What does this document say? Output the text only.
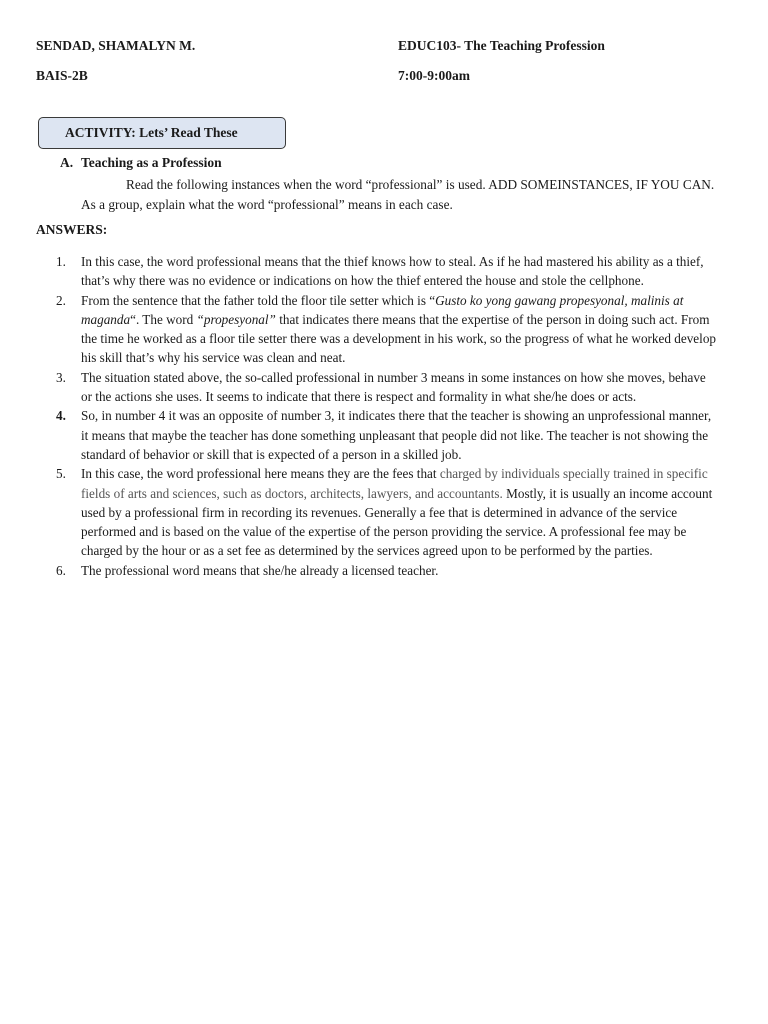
SENDAD, SHAMALYN M.	EDUC103- The Teaching Profession
BAIS-2B	7:00-9:00am
ACTIVITY: Lets’ Read These
A. Teaching as a Profession
Read the following instances when the word “professional” is used. ADD SOMEINSTANCES, IF YOU CAN. As a group, explain what the word “professional” means in each case.
ANSWERS:
1. In this case, the word professional means that the thief knows how to steal. As if he had mastered his ability as a thief, that’s why there was no evidence or indications on how the thief entered the house and stole the cellphone.
2. From the sentence that the father told the floor tile setter which is “Gusto ko yong gawang propesyonal, malinis at maganda“. The word “propesyonal” that indicates there means that the expertise of the person in doing such act. From the time he worked as a floor tile setter there was a development in his work, so the progress of what he worked develop his skill that’s why his service was clean and neat.
3. The situation stated above, the so-called professional in number 3 means in some instances on how she moves, behave or the actions she uses. It seems to indicate that there is respect and formality in what she/he does or acts.
4. So, in number 4 it was an opposite of number 3, it indicates there that the teacher is showing an unprofessional manner, it means that maybe the teacher has done something unpleasant that people did not like. The teacher is not showing the standard of behavior or skill that is expected of a person in a skilled job.
5. In this case, the word professional here means they are the fees that charged by individuals specially trained in specific fields of arts and sciences, such as doctors, architects, lawyers, and accountants. Mostly, it is usually an income account used by a professional firm in recording its revenues. Generally a fee that is determined in advance of the service performed and is based on the value of the expertise of the person providing the service. A professional fee may be charged by the hour or as a set fee as determined by the services agreed upon to be performed by the parties.
6. The professional word means that she/he already a licensed teacher.
